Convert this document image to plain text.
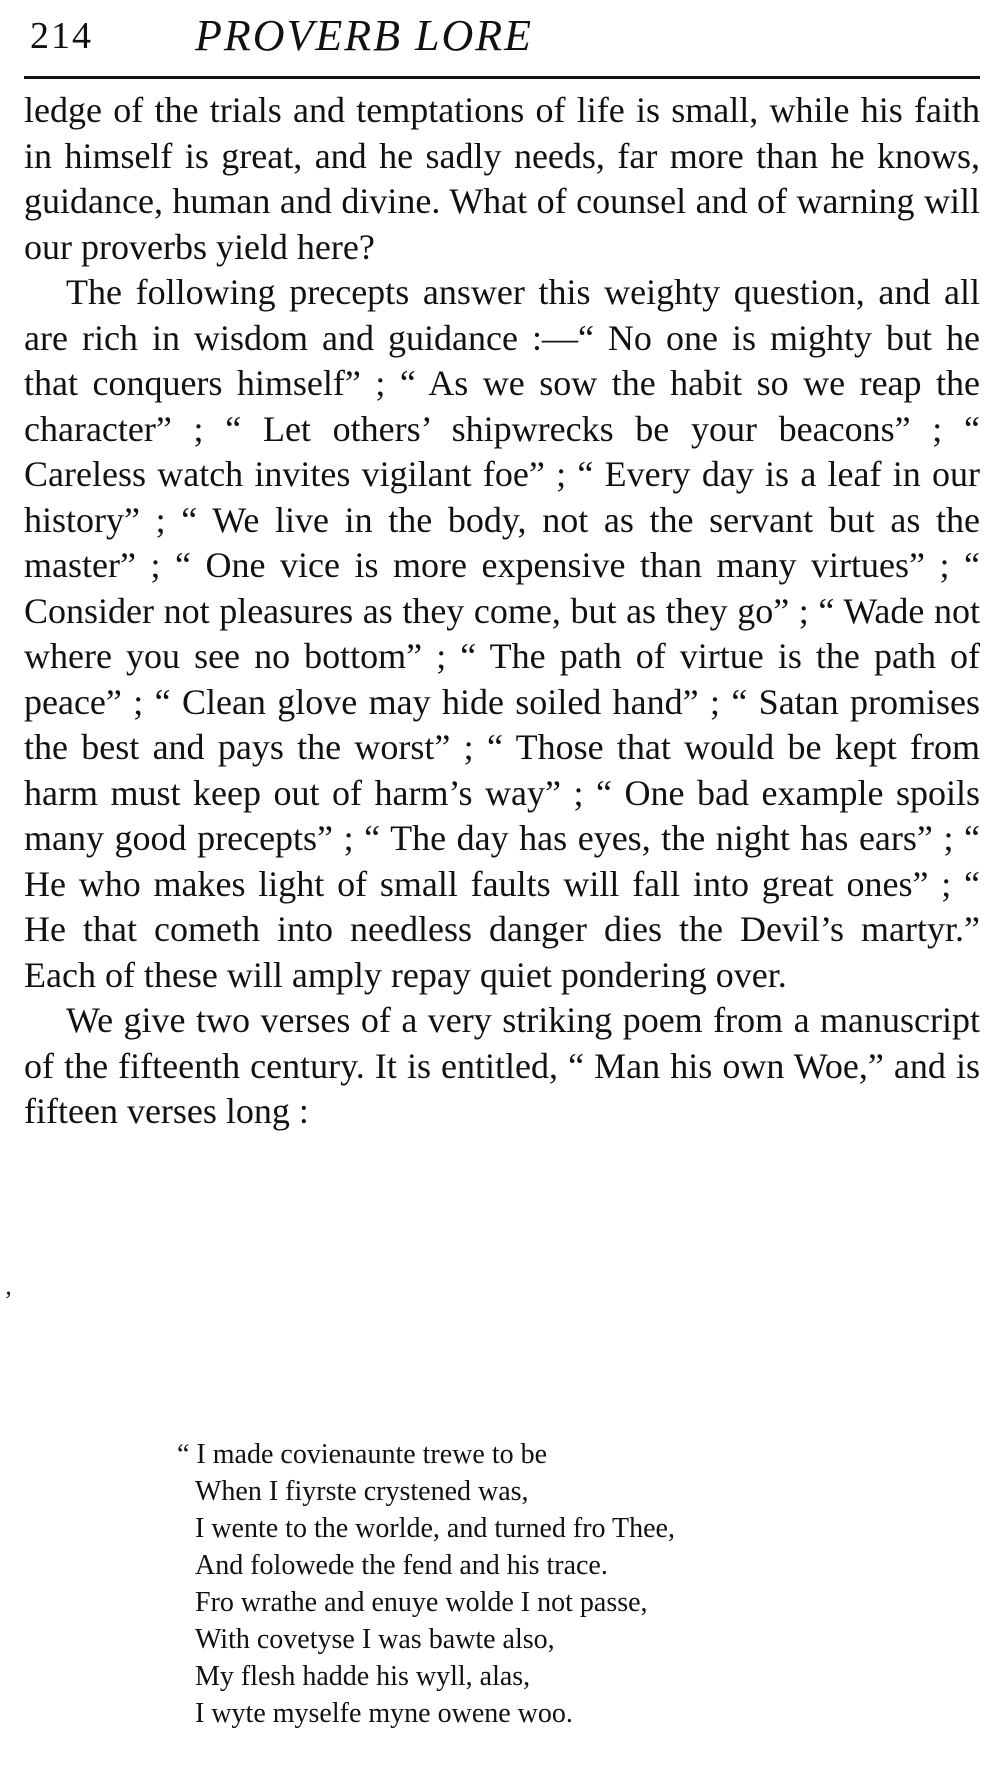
214	PROVERB LORE

ledge of the trials and temptations of life is small, while his faith in himself is great, and he sadly needs, far more than he knows, guidance, human and divine. What of counsel and of warning will our proverbs yield here?

The following precepts answer this weighty question, and all are rich in wisdom and guidance :—“ No one is mighty but he that conquers himself” ; “ As we sow the habit so we reap the character” ; “ Let others’ shipwrecks be your beacons” ; “ Careless watch invites vigilant foe” ; “ Every day is a leaf in our history” ; “ We live in the body, not as the servant but as the master” ; “ One vice is more expensive than many virtues” ; “ Consider not pleasures as they come, but as they go” ; “ Wade not where you see no bottom” ; “ The path of virtue is the path of peace” ; “ Clean glove may hide soiled hand” ; “ Satan promises the best and pays the worst” ; “ Those that would be kept from harm must keep out of harm’s way” ; “ One bad example spoils many good precepts” ; “ The day has eyes, the night has ears” ; “ He who makes light of small faults will fall into great ones” ; “ He that cometh into needless danger dies the Devil’s martyr.” Each of these will amply repay quiet pondering over.

We give two verses of a very striking poem from a manuscript of the fifteenth century. It is entitled, “ Man his own Woe,” and is fifteen verses long :

’
“ I made covienaunte trewe to be
When I fiyrste crystened was,
I wente to the worlde, and turned fro Thee,
And folowede the fend and his trace.
Fro wrathe and enuye wolde I not passe,
With covetyse I was bawte also,
My flesh hadde his wyll, alas,
I wyte myselfe myne owene woo.
